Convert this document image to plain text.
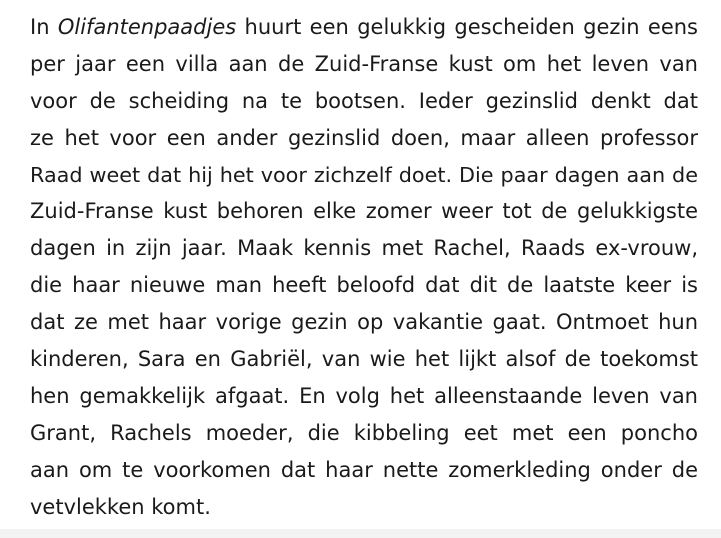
In Olifantenpaadjes huurt een gelukkig gescheiden gezin eens
per jaar een villa aan de Zuid-Franse kust om het leven van
voor de scheiding na te bootsen. Ieder gezinslid denkt dat
ze het voor een ander gezinslid doen, maar alleen professor
Raad weet dat hij het voor zichzelf doet. Die paar dagen aan de
Zuid-Franse kust behoren elke zomer weer tot de gelukkigste
dagen in zijn jaar. Maak kennis met Rachel, Raads ex-vrouw,
die haar nieuwe man heeft beloofd dat dit de laatste keer is
dat ze met haar vorige gezin op vakantie gaat. Ontmoet hun
kinderen, Sara en Gabriël, van wie het lijkt alsof de toekomst
hen gemakkelijk afgaat. En volg het alleenstaande leven van
Grant, Rachels moeder, die kibbeling eet met een poncho
aan om te voorkomen dat haar nette zomerkleding onder de
vetvlekken komt.
